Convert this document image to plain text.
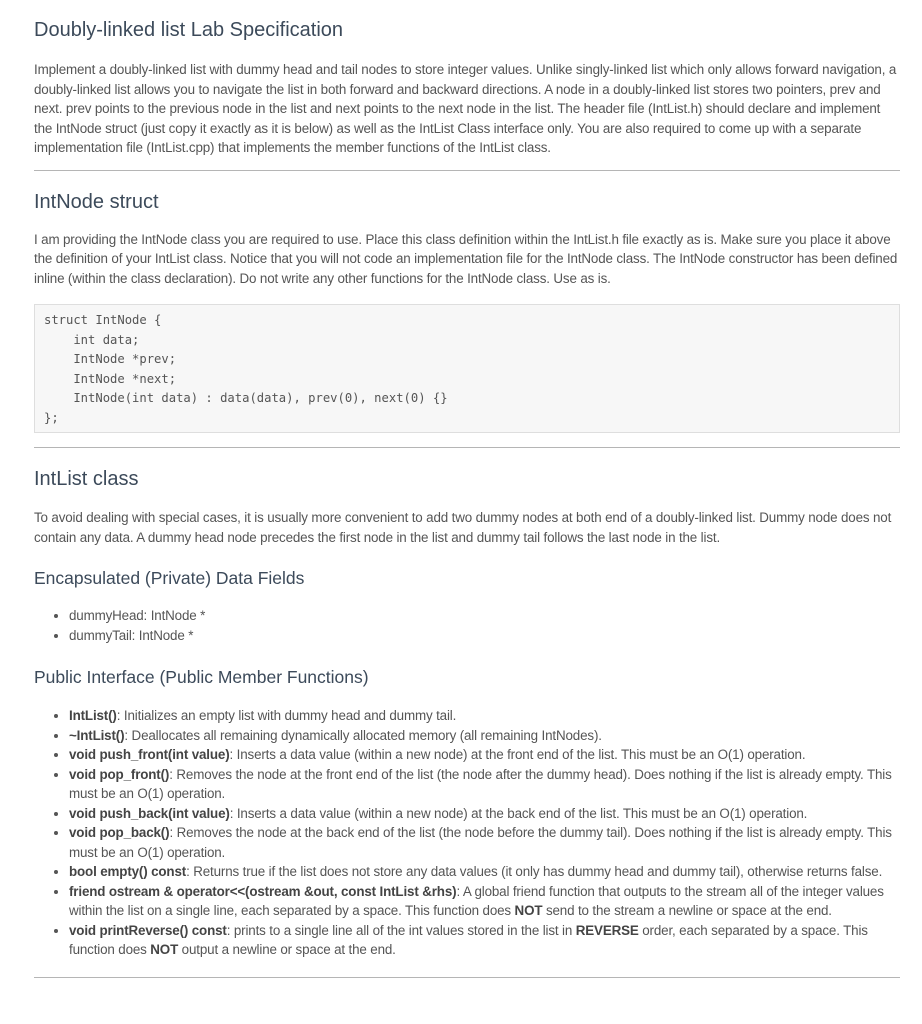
Doubly-linked list Lab Specification

Implement a doubly-linked list with dummy head and tail nodes to store integer values. Unlike singly-linked list which only allows forward navigation, a doubly-linked list allows you to navigate the list in both forward and backward directions. A node in a doubly-linked list stores two pointers, prev and next. prev points to the previous node in the list and next points to the next node in the list. The header file (IntList.h) should declare and implement the IntNode struct (just copy it exactly as it is below) as well as the IntList Class interface only. You are also required to come up with a separate implementation file (IntList.cpp) that implements the member functions of the IntList class.

IntNode struct

I am providing the IntNode class you are required to use. Place this class definition within the IntList.h file exactly as is. Make sure you place it above the definition of your IntList class. Notice that you will not code an implementation file for the IntNode class. The IntNode constructor has been defined inline (within the class declaration). Do not write any other functions for the IntNode class. Use as is.

struct IntNode {
int data;
IntNode *prev;
IntNode *next;
IntNode(int data) : data(data), prev(0), next(0) {}
};
IntList class

To avoid dealing with special cases, it is usually more convenient to add two dummy nodes at both end of a doubly-linked list. Dummy node does not contain any data. A dummy head node precedes the first node in the list and dummy tail follows the last node in the list.

Encapsulated (Private) Data Fields
• dummyHead: IntNode *
• dummyTail: IntNode *
Public Interface (Public Member Functions)
• IntList(): Initializes an empty list with dummy head and dummy tail.
• ~IntList(): Deallocates all remaining dynamically allocated memory (all remaining IntNodes).
• void push_front(int value): Inserts a data value (within a new node) at the front end of the list. This must be an O(1) operation.
• void pop_front(): Removes the node at the front end of the list (the node after the dummy head). Does nothing if the list is already empty. This must be an O(1) operation.
• void push_back(int value): Inserts a data value (within a new node) at the back end of the list. This must be an O(1) operation.
• void pop_back(): Removes the node at the back end of the list (the node before the dummy tail). Does nothing if the list is already empty. This must be an O(1) operation.
• bool empty() const: Returns true if the list does not store any data values (it only has dummy head and dummy tail), otherwise returns false.
• friend ostream & operator<<(ostream &out, const IntList &rhs): A global friend function that outputs to the stream all of the integer values within the list on a single line, each separated by a space. This function does NOT send to the stream a newline or space at the end.
• void printReverse() const: prints to a single line all of the int values stored in the list in REVERSE order, each separated by a space. This function does NOT output a newline or space at the end.
